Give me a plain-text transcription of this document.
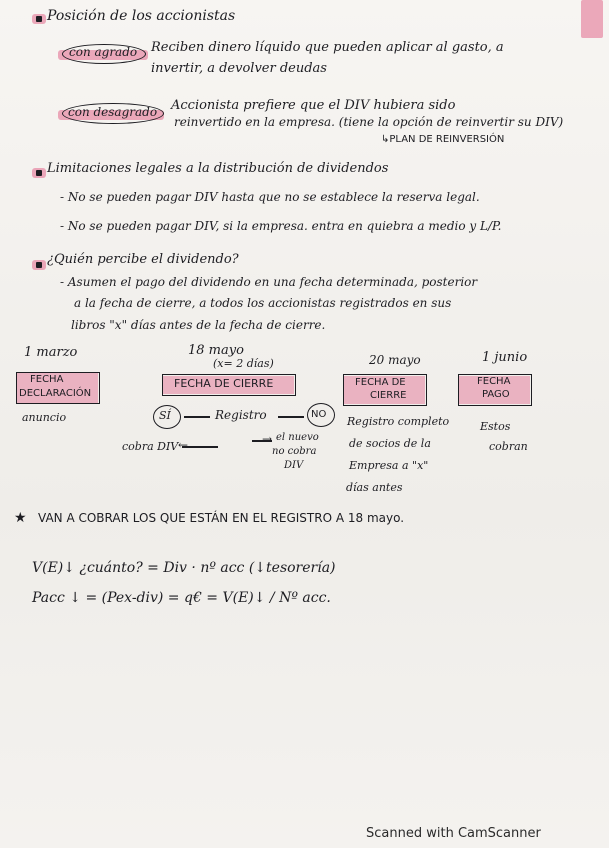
Posición de los accionistas
con agrado Reciben dinero líquido que pueden aplicar al gasto, a
invertir, a devolver deudas
con desagrado Accionista prefiere que el DIV hubiera sido
reinvertido en la empresa. (tiene la opción de reinvertir su DIV)
↳PLAN DE REINVERSIÓN
Limitaciones legales a la distribución de dividendos
- No se pueden pagar DIV hasta que no se establece la reserva legal.
- No se pueden pagar DIV, si la empresa. entra en quiebra a medio y L/P.
¿Quién percibe el dividendo?
- Asumen el pago del dividendo en una fecha determinada, posterior
a la fecha de cierre, a todos los accionistas registrados en sus
libros "x" días antes de la fecha de cierre.
1 marzo
FECHA
DECLARACIÓN
anuncio
18 mayo
(x= 2 días)
FECHA DE CIERRE
SÍ	Registro	NO
cobra DIV ←	→ el nuevo
no cobra
DIV
20 mayo
FECHA DE
CIERRE
Registro completo
de socios de la
Empresa a "x"
días antes
1 junio
FECHA
PAGO
Estos
cobran
★ VAN A COBRAR LOS QUE ESTÁN EN EL REGISTRO A 18 mayo.
V(E)↓ ¿cuánto? = Div · nº acc (↓tesorería)
Pacc ↓ = (Pex-div) = q€ = V(E)↓ / Nº acc.
Scanned with CamScanner
